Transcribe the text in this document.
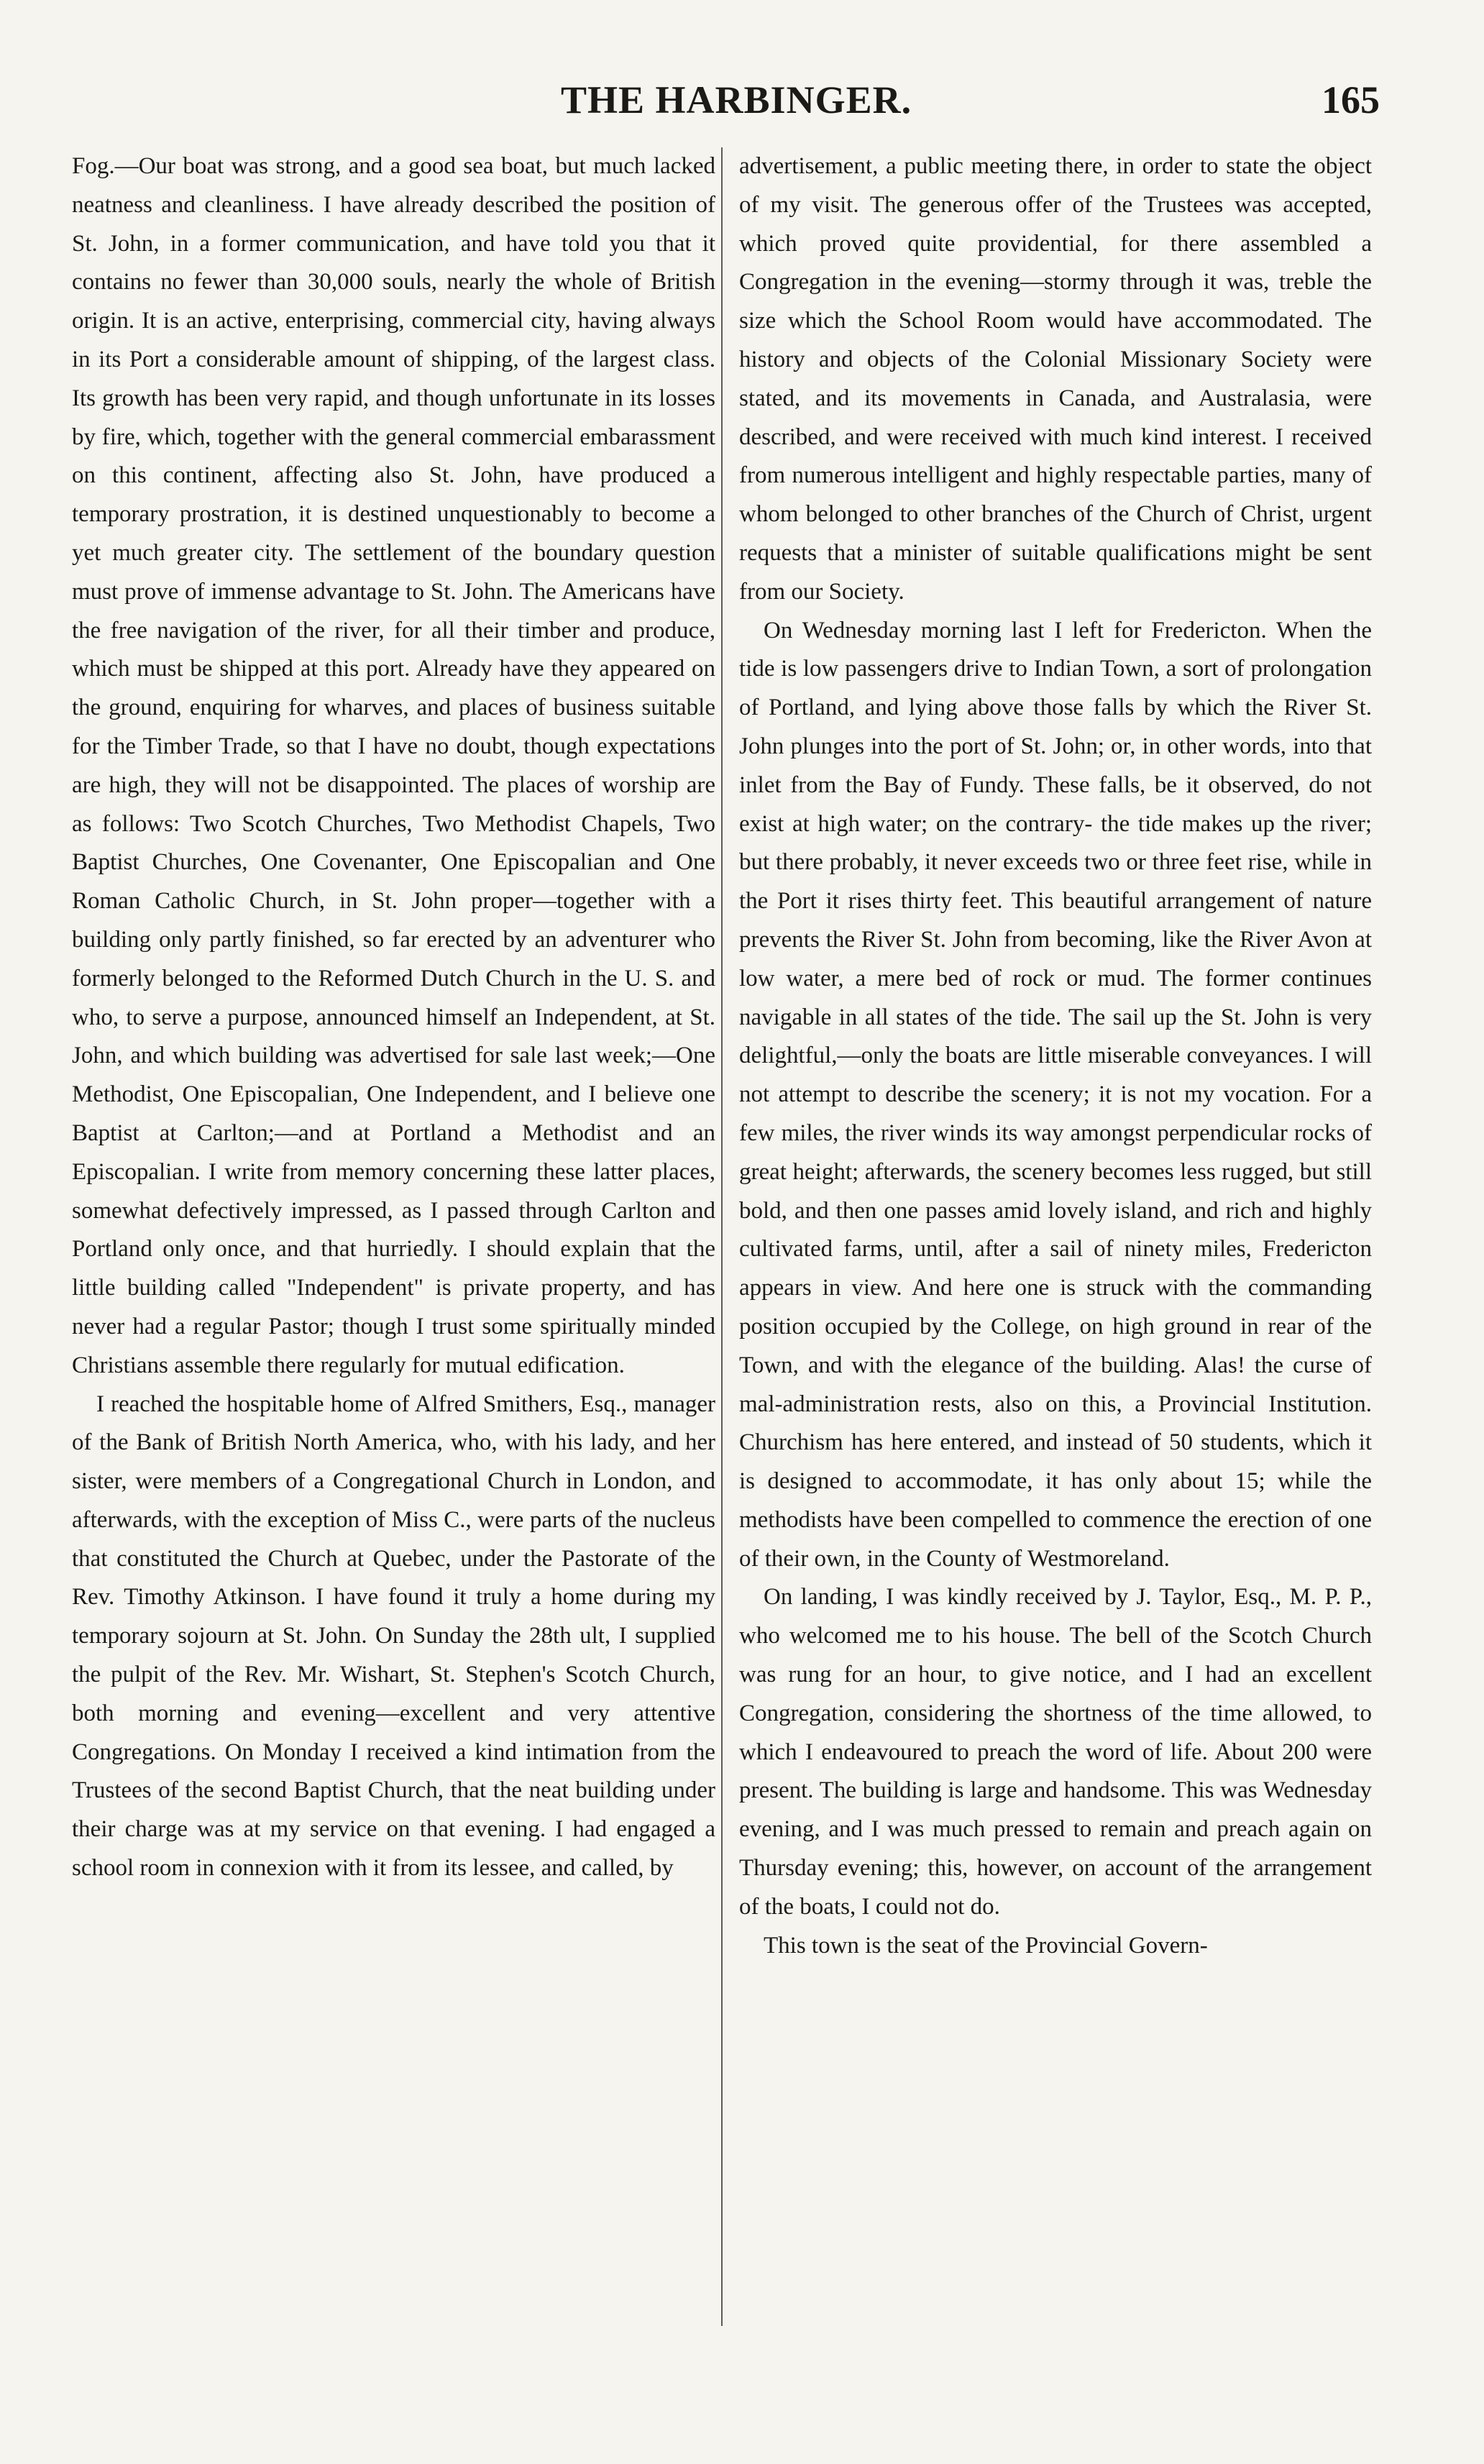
THE HARBINGER.	165

Fog.—Our boat was strong, and a good sea boat, but much lacked neatness and cleanliness. I have already described the position of St. John, in a former communication, and have told you that it contains no fewer than 30,000 souls, nearly the whole of British origin. It is an active, enterprising, commercial city, having always in its Port a considerable amount of shipping, of the largest class. Its growth has been very rapid, and though unfortunate in its losses by fire, which, together with the general commercial embarassment on this continent, affecting also St. John, have produced a temporary prostration, it is destined unquestionably to become a yet much greater city. The settlement of the boundary question must prove of immense advantage to St. John. The Americans have the free navigation of the river, for all their timber and produce, which must be shipped at this port. Already have they appeared on the ground, enquiring for wharves, and places of business suitable for the Timber Trade, so that I have no doubt, though expectations are high, they will not be disappointed. The places of worship are as follows: Two Scotch Churches, Two Methodist Chapels, Two Baptist Churches, One Covenanter, One Episcopalian and One Roman Catholic Church, in St. John proper—together with a building only partly finished, so far erected by an adventurer who formerly belonged to the Reformed Dutch Church in the U. S. and who, to serve a purpose, announced himself an Independent, at St. John, and which building was advertised for sale last week;—One Methodist, One Episcopalian, One Independent, and I believe one Baptist at Carlton;—and at Portland a Methodist and an Episcopalian. I write from memory concerning these latter places, somewhat defectively impressed, as I passed through Carlton and Portland only once, and that hurriedly. I should explain that the little building called "Independent" is private property, and has never had a regular Pastor; though I trust some spiritually minded Christians assemble there regularly for mutual edification.

I reached the hospitable home of Alfred Smithers, Esq., manager of the Bank of British North America, who, with his lady, and her sister, were members of a Congregational Church in London, and afterwards, with the exception of Miss C., were parts of the nucleus that constituted the Church at Quebec, under the Pastorate of the Rev. Timothy Atkinson. I have found it truly a home during my temporary sojourn at St. John. On Sunday the 28th ult, I supplied the pulpit of the Rev. Mr. Wishart, St. Stephen's Scotch Church, both morning and evening—excellent and very attentive Congregations. On Monday I received a kind intimation from the Trustees of the second Baptist Church, that the neat building under their charge was at my service on that evening. I had engaged a school room in connexion with it from its lessee, and called, by

advertisement, a public meeting there, in order to state the object of my visit. The generous offer of the Trustees was accepted, which proved quite providential, for there assembled a Congregation in the evening—stormy through it was, treble the size which the School Room would have accommodated. The history and objects of the Colonial Missionary Society were stated, and its movements in Canada, and Australasia, were described, and were received with much kind interest. I received from numerous intelligent and highly respectable parties, many of whom belonged to other branches of the Church of Christ, urgent requests that a minister of suitable qualifications might be sent from our Society.

On Wednesday morning last I left for Fredericton. When the tide is low passengers drive to Indian Town, a sort of prolongation of Portland, and lying above those falls by which the River St. John plunges into the port of St. John; or, in other words, into that inlet from the Bay of Fundy. These falls, be it observed, do not exist at high water; on the contrary- the tide makes up the river; but there probably, it never exceeds two or three feet rise, while in the Port it rises thirty feet. This beautiful arrangement of nature prevents the River St. John from becoming, like the River Avon at low water, a mere bed of rock or mud. The former continues navigable in all states of the tide. The sail up the St. John is very delightful,—only the boats are little miserable conveyances. I will not attempt to describe the scenery; it is not my vocation. For a few miles, the river winds its way amongst perpendicular rocks of great height; afterwards, the scenery becomes less rugged, but still bold, and then one passes amid lovely island, and rich and highly cultivated farms, until, after a sail of ninety miles, Fredericton appears in view. And here one is struck with the commanding position occupied by the College, on high ground in rear of the Town, and with the elegance of the building. Alas! the curse of mal-administration rests, also on this, a Provincial Institution. Churchism has here entered, and instead of 50 students, which it is designed to accommodate, it has only about 15; while the methodists have been compelled to commence the erection of one of their own, in the County of Westmoreland.

On landing, I was kindly received by J. Taylor, Esq., M. P. P., who welcomed me to his house. The bell of the Scotch Church was rung for an hour, to give notice, and I had an excellent Congregation, considering the shortness of the time allowed, to which I endeavoured to preach the word of life. About 200 were present. The building is large and handsome. This was Wednesday evening, and I was much pressed to remain and preach again on Thursday evening; this, however, on account of the arrangement of the boats, I could not do.

This town is the seat of the Provincial Govern-
